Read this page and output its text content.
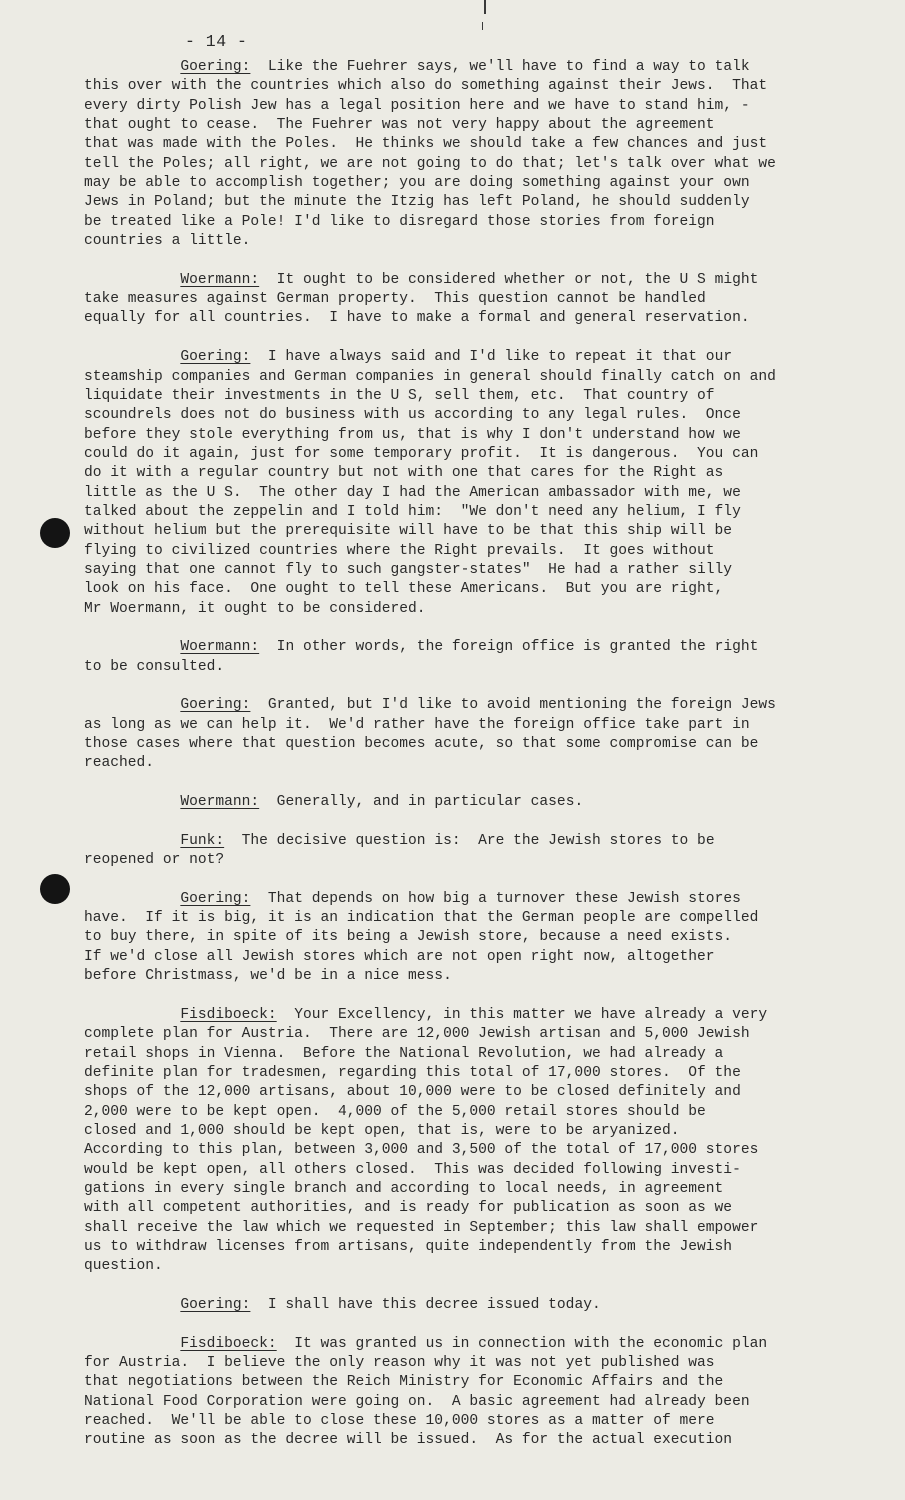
- 14 -
Goering:  Like the Fuehrer says, we'll have to find a way to talk
this over with the countries which also do something against their Jews.  That
every dirty Polish Jew has a legal position here and we have to stand him, -
that ought to cease.  The Fuehrer was not very happy about the agreement
that was made with the Poles.  He thinks we should take a few chances and just
tell the Poles; all right, we are not going to do that; let's talk over what we
may be able to accomplish together; you are doing something against your own
Jews in Poland; but the minute the Itzig has left Poland, he should suddenly
be treated like a Pole! I'd like to disregard those stories from foreign
countries a little.
Woermann:  It ought to be considered whether or not, the U S might
take measures against German property.  This question cannot be handled
equally for all countries.  I have to make a formal and general reservation.
Goering:  I have always said and I'd like to repeat it that our
steamship companies and German companies in general should finally catch on and
liquidate their investments in the U S, sell them, etc.  That country of
scoundrels does not do business with us according to any legal rules.  Once
before they stole everything from us, that is why I don't understand how we
could do it again, just for some temporary profit.  It is dangerous.  You can
do it with a regular country but not with one that cares for the Right as
little as the U S.  The other day I had the American ambassador with me, we
talked about the zeppelin and I told him:  "We don't need any helium, I fly
without helium but the prerequisite will have to be that this ship will be
flying to civilized countries where the Right prevails.  It goes without
saying that one cannot fly to such gangster-states"  He had a rather silly
look on his face.  One ought to tell these Americans.  But you are right,
Mr Woermann, it ought to be considered.
Woermann:  In other words, the foreign office is granted the right
to be consulted.
Goering:  Granted, but I'd like to avoid mentioning the foreign Jews
as long as we can help it.  We'd rather have the foreign office take part in
those cases where that question becomes acute, so that some compromise can be
reached.
Woermann:  Generally, and in particular cases.
Funk:  The decisive question is:  Are the Jewish stores to be
reopened or not?
Goering:  That depends on how big a turnover these Jewish stores
have.  If it is big, it is an indication that the German people are compelled
to buy there, in spite of its being a Jewish store, because a need exists.
If we'd close all Jewish stores which are not open right now, altogether
before Christmass, we'd be in a nice mess.
Fisdiboeck:  Your Excellency, in this matter we have already a very
complete plan for Austria.  There are 12,000 Jewish artisan and 5,000 Jewish
retail shops in Vienna.  Before the National Revolution, we had already a
definite plan for tradesmen, regarding this total of 17,000 stores.  Of the
shops of the 12,000 artisans, about 10,000 were to be closed definitely and
2,000 were to be kept open.  4,000 of the 5,000 retail stores should be
closed and 1,000 should be kept open, that is, were to be aryanized.
According to this plan, between 3,000 and 3,500 of the total of 17,000 stores
would be kept open, all others closed.  This was decided following investi-
gations in every single branch and according to local needs, in agreement
with all competent authorities, and is ready for publication as soon as we
shall receive the law which we requested in September; this law shall empower
us to withdraw licenses from artisans, quite independently from the Jewish
question.
Goering:  I shall have this decree issued today.
Fisdiboeck:  It was granted us in connection with the economic plan
for Austria.  I believe the only reason why it was not yet published was
that negotiations between the Reich Ministry for Economic Affairs and the
National Food Corporation were going on.  A basic agreement had already been
reached.  We'll be able to close these 10,000 stores as a matter of mere
routine as soon as the decree will be issued.  As for the actual execution
